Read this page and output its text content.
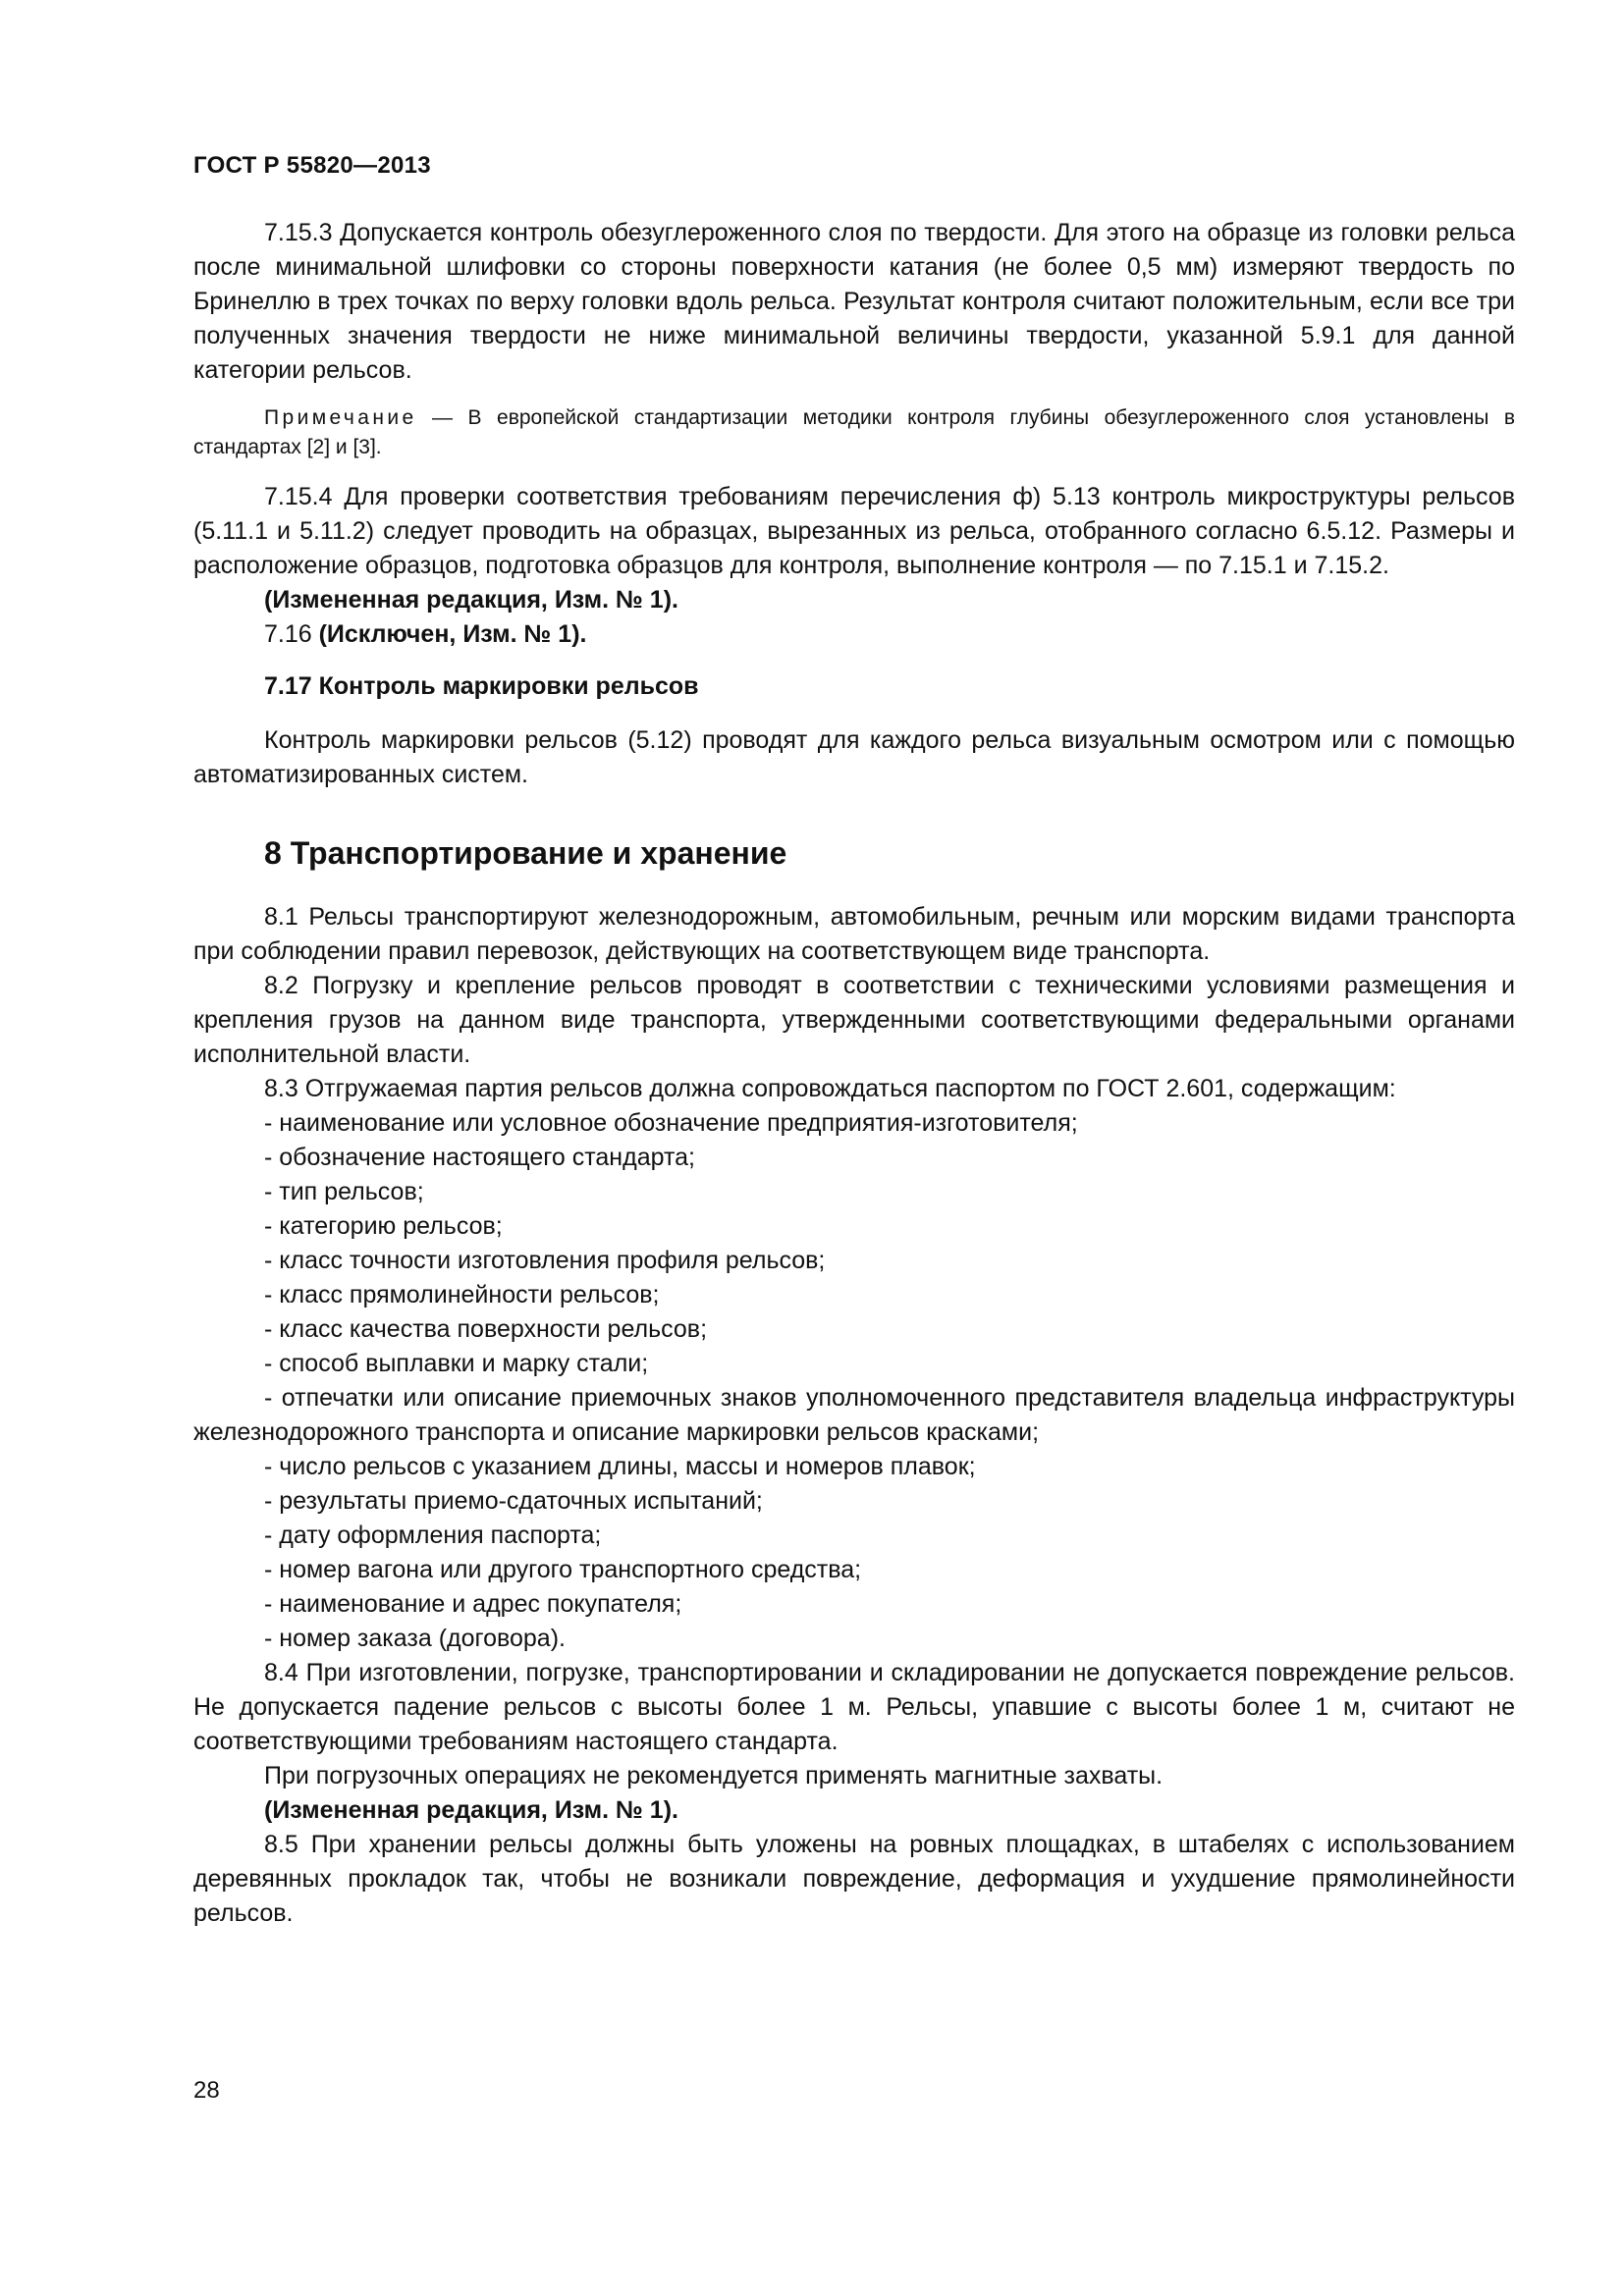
ГОСТ Р 55820—2013

7.15.3 Допускается контроль обезуглероженного слоя по твердости. Для этого на образце из головки рельса после минимальной шлифовки со стороны поверхности катания (не более 0,5 мм) измеряют твердость по Бринеллю в трех точках по верху головки вдоль рельса. Результат контроля считают положительным, если все три полученных значения твердости не ниже минимальной величины твердости, указанной 5.9.1 для данной категории рельсов.

Примечание — В европейской стандартизации методики контроля глубины обезуглероженного слоя установлены в стандартах [2] и [3].

7.15.4 Для проверки соответствия требованиям перечисления ф) 5.13 контроль микроструктуры рельсов (5.11.1 и 5.11.2) следует проводить на образцах, вырезанных из рельса, отобранного согласно 6.5.12. Размеры и расположение образцов, подготовка образцов для контроля, выполнение контроля — по 7.15.1 и 7.15.2.

(Измененная редакция, Изм. № 1).

7.16 (Исключен, Изм. № 1).

7.17 Контроль маркировки рельсов

Контроль маркировки рельсов (5.12) проводят для каждого рельса визуальным осмотром или с помощью автоматизированных систем.

8 Транспортирование и хранение

8.1 Рельсы транспортируют железнодорожным, автомобильным, речным или морским видами транспорта при соблюдении правил перевозок, действующих на соответствующем виде транспорта.

8.2 Погрузку и крепление рельсов проводят в соответствии с техническими условиями размещения и крепления грузов на данном виде транспорта, утвержденными соответствующими федеральными органами исполнительной власти.

8.3 Отгружаемая партия рельсов должна сопровождаться паспортом по ГОСТ 2.601, содержащим:

- наименование или условное обозначение предприятия-изготовителя;
- обозначение настоящего стандарта;
- тип рельсов;
- категорию рельсов;
- класс точности изготовления профиля рельсов;
- класс прямолинейности рельсов;
- класс качества поверхности рельсов;
- способ выплавки и марку стали;
- отпечатки или описание приемочных знаков уполномоченного представителя владельца инфраструктуры железнодорожного транспорта и описание маркировки рельсов красками;
- число рельсов с указанием длины, массы и номеров плавок;
- результаты приемо-сдаточных испытаний;
- дату оформления паспорта;
- номер вагона или другого транспортного средства;
- наименование и адрес покупателя;
- номер заказа (договора).

8.4 При изготовлении, погрузке, транспортировании и складировании не допускается повреждение рельсов. Не допускается падение рельсов с высоты более 1 м. Рельсы, упавшие с высоты более 1 м, считают не соответствующими требованиям настоящего стандарта.

При погрузочных операциях не рекомендуется применять магнитные захваты.

(Измененная редакция, Изм. № 1).

8.5 При хранении рельсы должны быть уложены на ровных площадках, в штабелях с использованием деревянных прокладок так, чтобы не возникали повреждение, деформация и ухудшение прямолинейности рельсов.

28
